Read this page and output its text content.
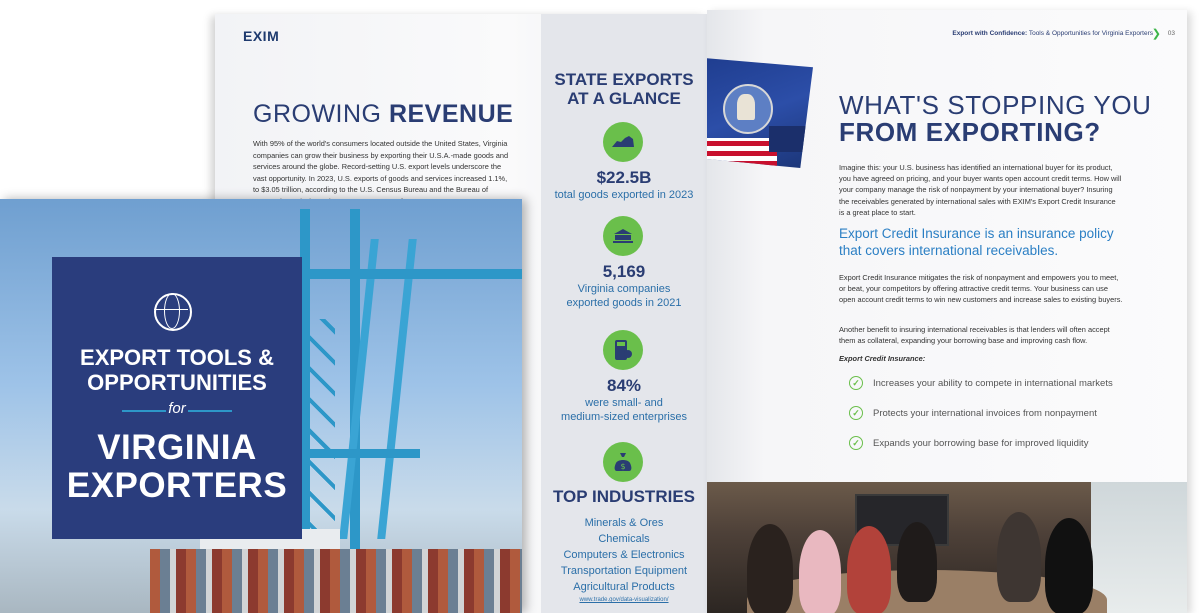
EXIM
GROWING REVENUE
With 95% of the world's consumers located outside the United States, Virginia companies can grow their business by exporting their U.S.A.-made goods and services around the globe. Record-setting U.S. export levels underscore the vast opportunity. In 2023, U.S. exports of goods and services increased 1.1%, to $3.05 trillion, according to the U.S. Census Bureau and the Bureau of
STATE EXPORTS
AT A GLANCE
$22.5B
total goods exported in 2023
5,169
Virginia companies
exported goods in 2021
84%
were small- and
medium-sized enterprises
$
TOP INDUSTRIES
Minerals & Ores
Chemicals
Computers & Electronics
Transportation Equipment
Agricultural Products
www.trade.gov/data-visualization/
Export with Confidence: Tools & Opportunities for Virginia Exporters
❯ 03
WHAT'S STOPPING YOU
FROM EXPORTING?
Imagine this: your U.S. business has identified an international buyer for its product, you have agreed on pricing, and your buyer wants open account credit terms. How will your company manage the risk of nonpayment by your international buyer? Insuring the receivables generated by international sales with EXIM's Export Credit Insurance is a great place to start.
Export Credit Insurance is an insurance policy that covers international receivables.
Export Credit Insurance mitigates the risk of nonpayment and empowers you to meet, or beat, your competitors by offering attractive credit terms. Your business can use open account credit terms to win new customers and increase sales to existing buyers.
Another benefit to insuring international receivables is that lenders will often accept them as collateral, expanding your borrowing base and improving cash flow.
Export Credit Insurance:
✓	Increases your ability to compete in international markets
✓	Protects your international invoices from nonpayment
✓	Expands your borrowing base for improved liquidity
EXPORT TOOLS &
OPPORTUNITIES
for
VIRGINIA
EXPORTERS
